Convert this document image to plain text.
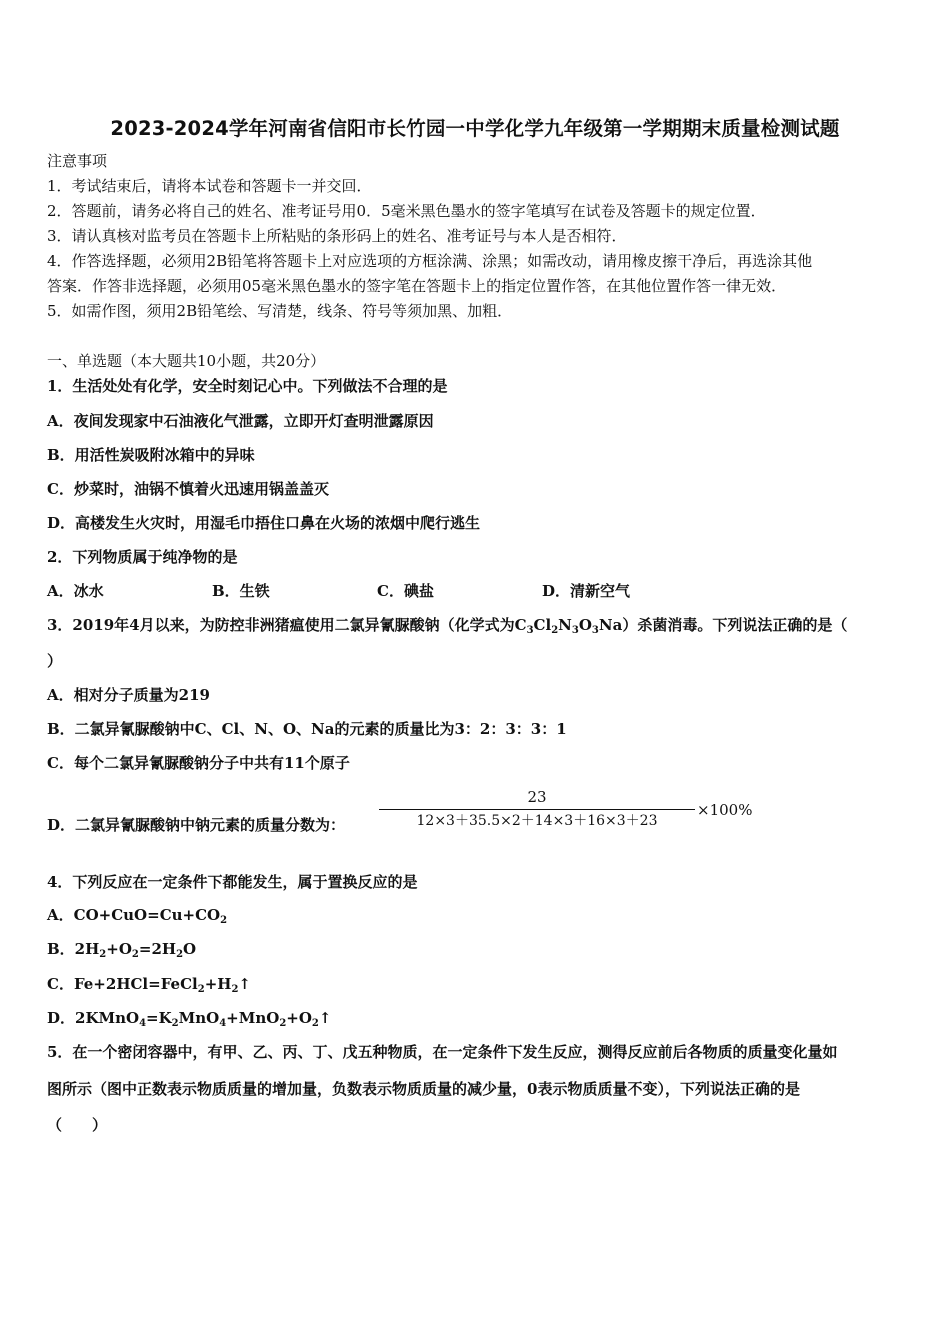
2023-2024学年河南省信阳市长竹园一中学化学九年级第一学期期末质量检测试题
注意事项
1．考试结束后，请将本试卷和答题卡一并交回．
2．答题前，请务必将自己的姓名、准考证号用0．5毫米黑色墨水的签字笔填写在试卷及答题卡的规定位置．
3．请认真核对监考员在答题卡上所粘贴的条形码上的姓名、准考证号与本人是否相符．
4．作答选择题，必须用2B铅笔将答题卡上对应选项的方框涂满、涂黑；如需改动，请用橡皮擦干净后，再选涂其他
答案．作答非选择题，必须用05毫米黑色墨水的签字笔在答题卡上的指定位置作答，在其他位置作答一律无效．
5．如需作图，须用2B铅笔绘、写清楚，线条、符号等须加黑、加粗．
一、单选题（本大题共10小题，共20分）
1．生活处处有化学，安全时刻记心中。下列做法不合理的是
A．夜间发现家中石油液化气泄露，立即开灯查明泄露原因
B．用活性炭吸附冰箱中的异味
C．炒菜时，油锅不慎着火迅速用锅盖盖灭
D．高楼发生火灾时，用湿毛巾捂住口鼻在火场的浓烟中爬行逃生
2．下列物质属于纯净物的是
A．冰水	B．生铁	C．碘盐	D．清新空气
3．2019年4月以来，为防控非洲猪瘟使用二氯异氰脲酸钠（化学式为$C_3Cl_2N_3O_3Na$）杀菌消毒。下列说法正确的是（
）
A．相对分子质量为219
B．二氯异氰脲酸钠中C、Cl、N、O、Na的元素的质量比为3：2：3：3：1
C．每个二氯异氰脲酸钠分子中共有11个原子
D．二氯异氰脲酸钠中钠元素的质量分数为：
23
12×3＋35.5×2＋14×3＋16×3＋23
×100%
4．下列反应在一定条件下都能发生，属于置换反应的是
A．$CO+CuO=Cu+CO_2$
B．$2H_2+O_2=2H_2O$
C．$Fe+2HCl=FeCl_2+H_2↑$
D．$2KMnO_4=K_2MnO_4+MnO_2+O_2↑$
5．在一个密闭容器中，有甲、乙、丙、丁、戊五种物质，在一定条件下发生反应，测得反应前后各物质的质量变化量如
图所示（图中正数表示物质质量的增加量，负数表示物质质量的减少量，0表示物质质量不变），下列说法正确的是
（　　）
